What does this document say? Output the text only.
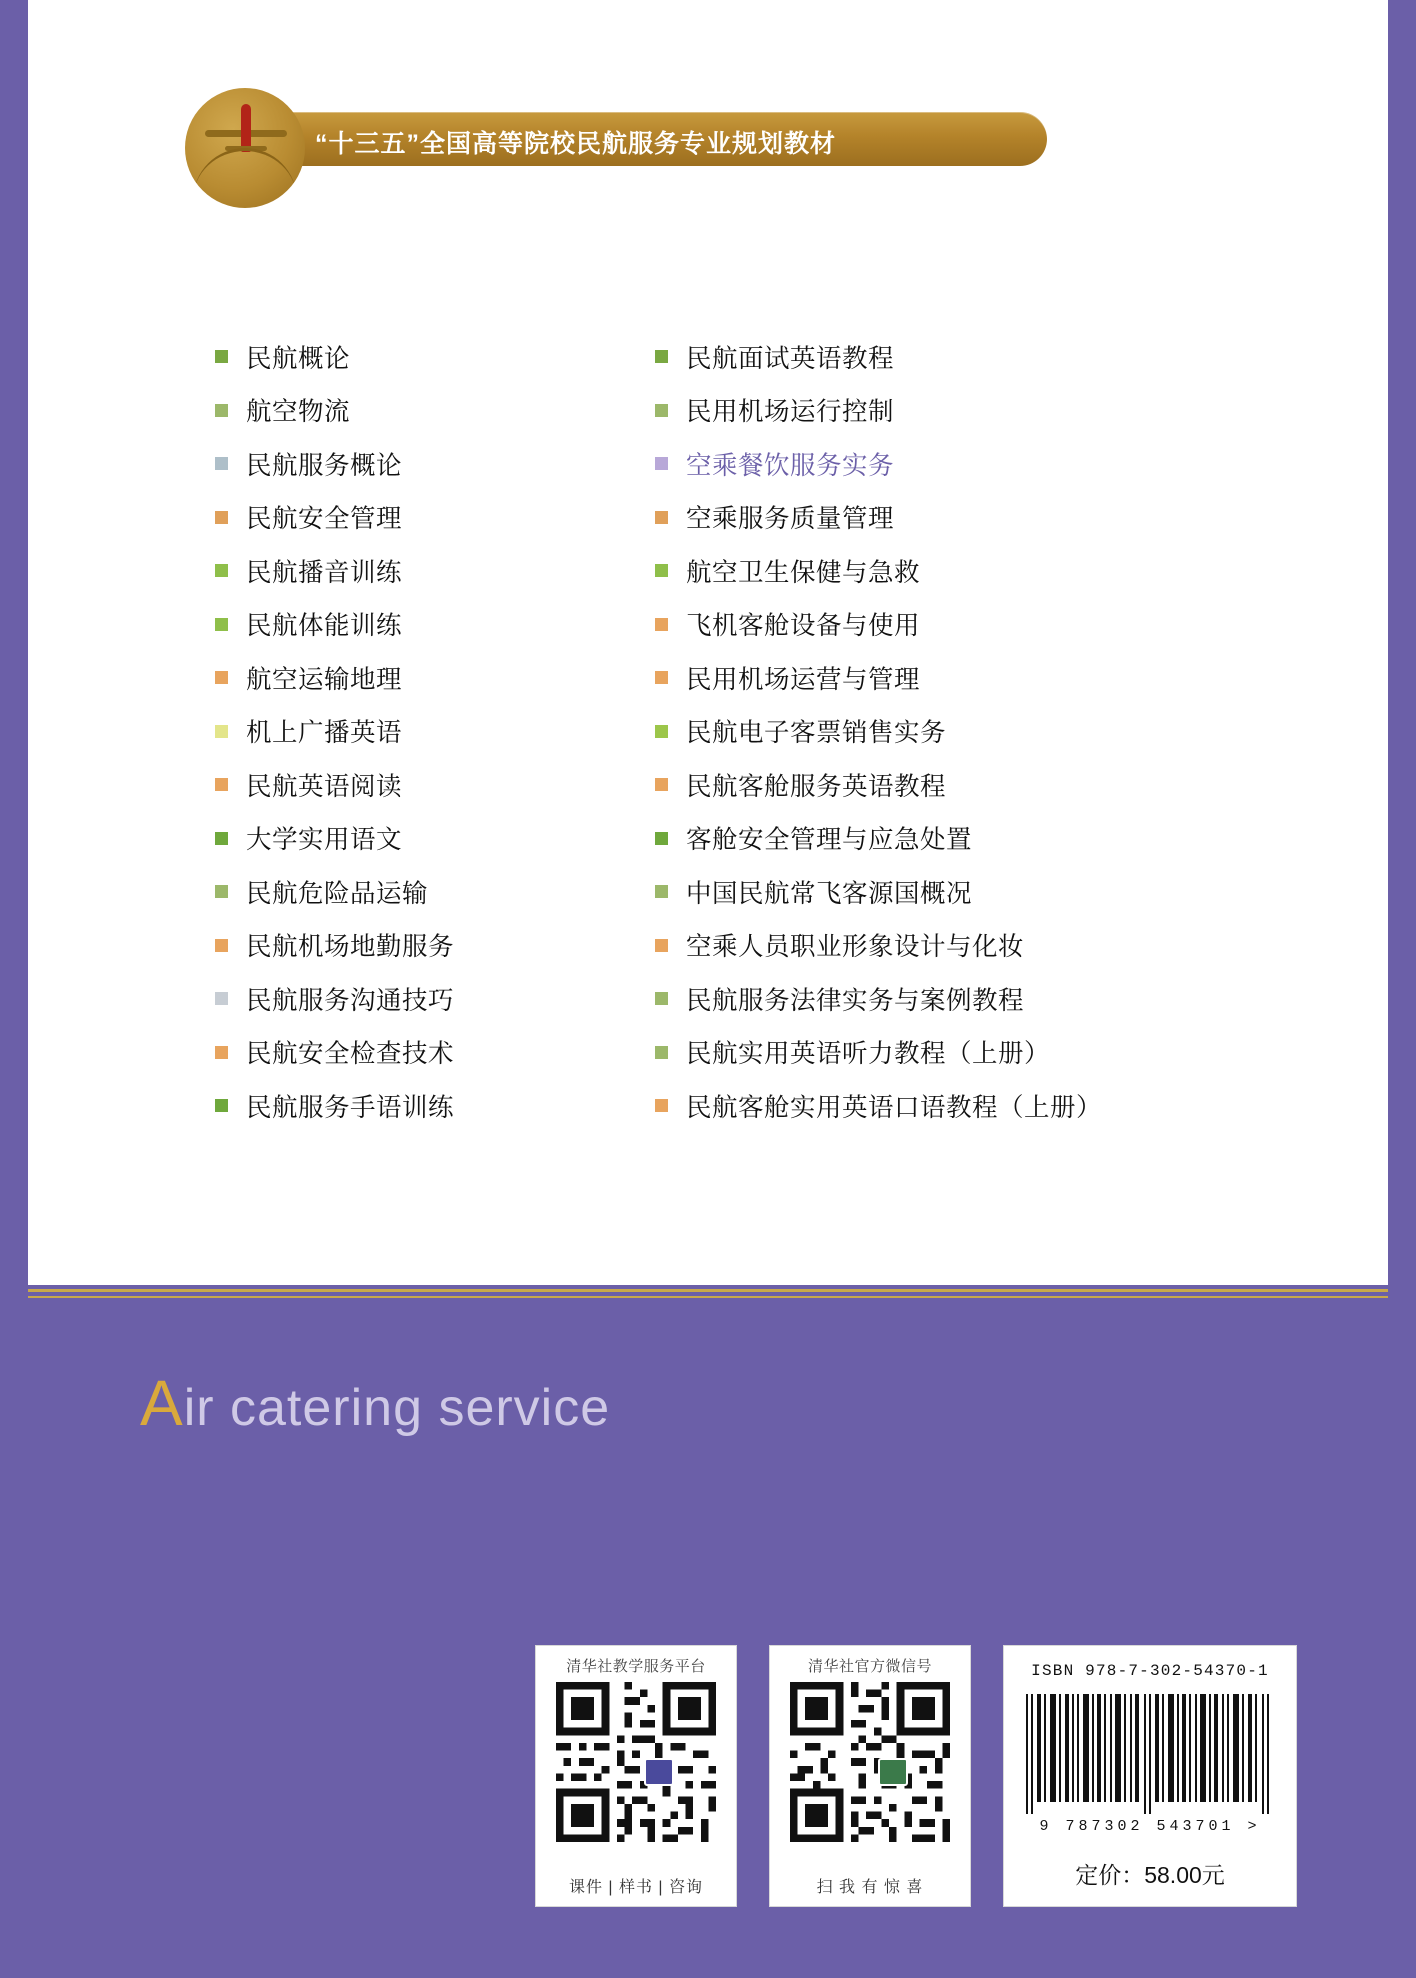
“十三五”全国高等院校民航服务专业规划教材
民航概论
航空物流
民航服务概论
民航安全管理
民航播音训练
民航体能训练
航空运输地理
机上广播英语
民航英语阅读
大学实用语文
民航危险品运输
民航机场地勤服务
民航服务沟通技巧
民航安全检查技术
民航服务手语训练
民航面试英语教程
民用机场运行控制
空乘餐饮服务实务
空乘服务质量管理
航空卫生保健与急救
飞机客舱设备与使用
民用机场运营与管理
民航电子客票销售实务
民航客舱服务英语教程
客舱安全管理与应急处置
中国民航常飞客源国概况
空乘人员职业形象设计与化妆
民航服务法律实务与案例教程
民航实用英语听力教程（上册）
民航客舱实用英语口语教程（上册）
Air catering service
清华社教学服务平台
课件 | 样书 | 咨询
清华社官方微信号
扫 我 有 惊 喜
ISBN 978-7-302-54370-1
9 787302 543701 >
定价：58.00元
